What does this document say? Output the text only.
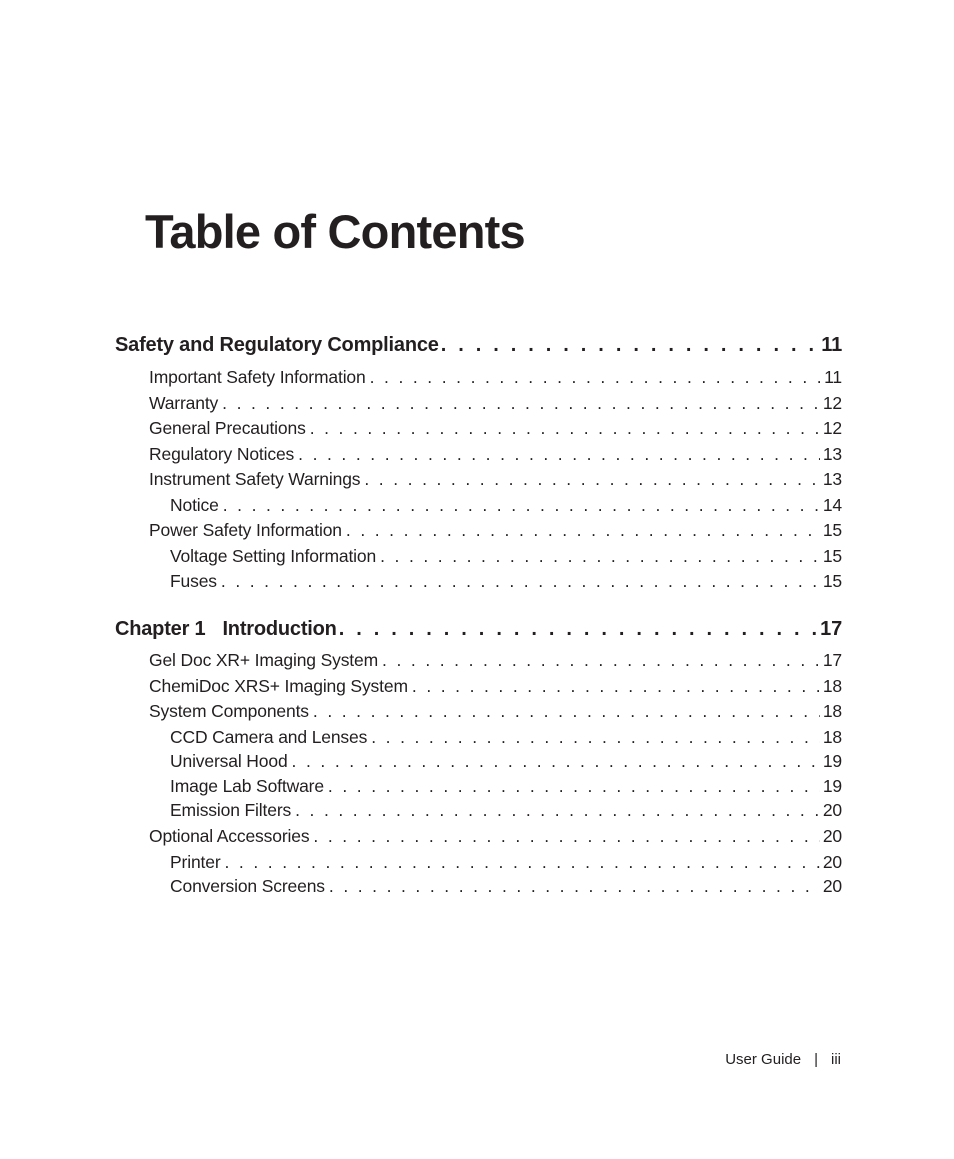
Table of Contents
Safety and Regulatory Compliance . . .	11
Important Safety Information . . .	11
Warranty . . .	12
General Precautions . . .	12
Regulatory Notices . . .	13
Instrument Safety Warnings . . .	13
Notice . . .	14
Power Safety Information . . .	15
Voltage Setting Information . . .	15
Fuses . . .	15
Chapter 1 Introduction . . .	17
Gel Doc XR+ Imaging System . . .	17
ChemiDoc XRS+ Imaging System . . .	18
System Components . . .	18
CCD Camera and Lenses . . .	18
Universal Hood . . .	19
Image Lab Software . . .	19
Emission Filters . . .	20
Optional Accessories . . .	20
Printer . . .	20
Conversion Screens . . .	20
User Guide | iii
